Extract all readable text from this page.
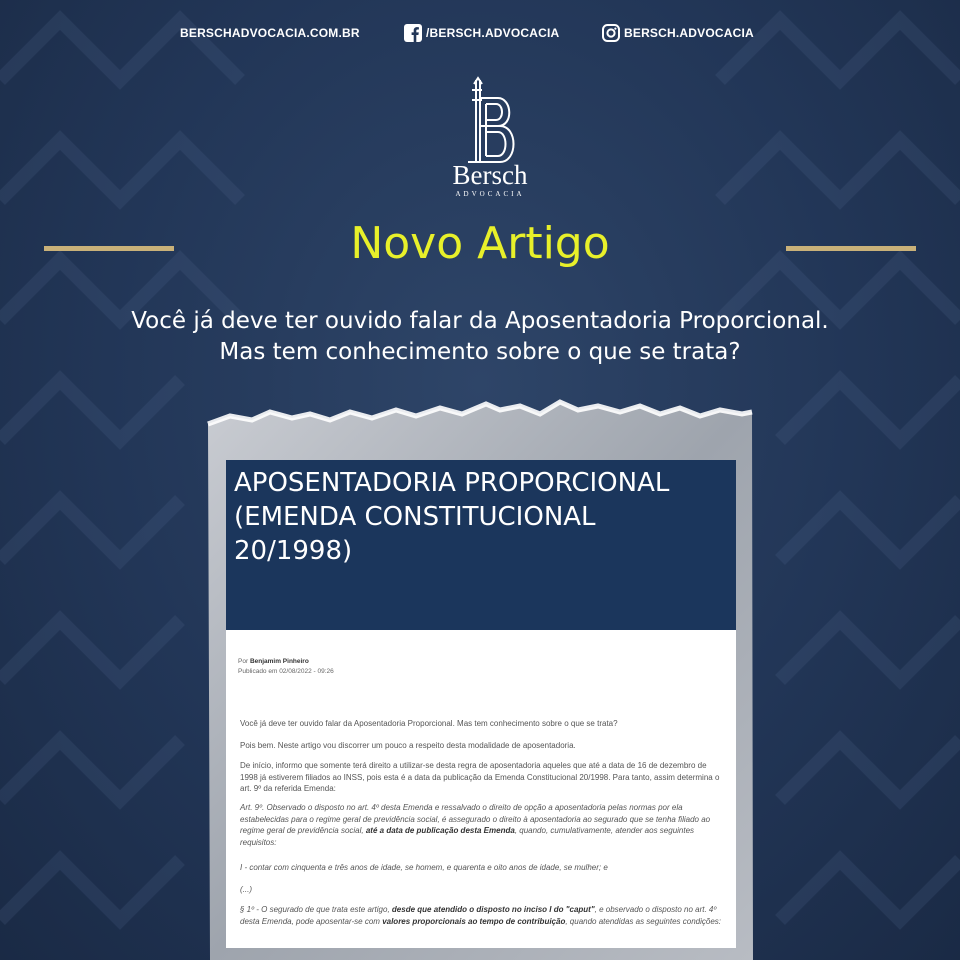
BERSCHADVOCACIA.COM.BR	/BERSCH.ADVOCACIA	BERSCH.ADVOCACIA
B
Bersch
ADVOCACIA
Novo Artigo
Você já deve ter ouvido falar da Aposentadoria Proporcional.
Mas tem conhecimento sobre o que se trata?
APOSENTADORIA PROPORCIONAL
(EMENDA CONSTITUCIONAL
20/1998)
Por Benjamim Pinheiro
Publicado em 02/08/2022 - 09:26
Você já deve ter ouvido falar da Aposentadoria Proporcional. Mas tem conhecimento sobre o que se trata?
Pois bem. Neste artigo vou discorrer um pouco a respeito desta modalidade de aposentadoria.
De início, informo que somente terá direito a utilizar-se desta regra de aposentadoria aqueles que até a data de 16 de dezembro de 1998 já estiverem filiados ao INSS, pois esta é a data da publicação da Emenda Constitucional 20/1998. Para tanto, assim determina o art. 9º da referida Emenda:
Art. 9º. Observado o disposto no art. 4º desta Emenda e ressalvado o direito de opção a aposentadoria pelas normas por ela estabelecidas para o regime geral de previdência social, é assegurado o direito à aposentadoria ao segurado que se tenha filiado ao regime geral de previdência social, até a data de publicação desta Emenda, quando, cumulativamente, atender aos seguintes requisitos:
I - contar com cinquenta e três anos de idade, se homem, e quarenta e oito anos de idade, se mulher; e
(...)
§ 1º - O segurado de que trata este artigo, desde que atendido o disposto no inciso I do "caput", e observado o disposto no art. 4º desta Emenda, pode aposentar-se com valores proporcionais ao tempo de contribuição, quando atendidas as seguintes condições:
